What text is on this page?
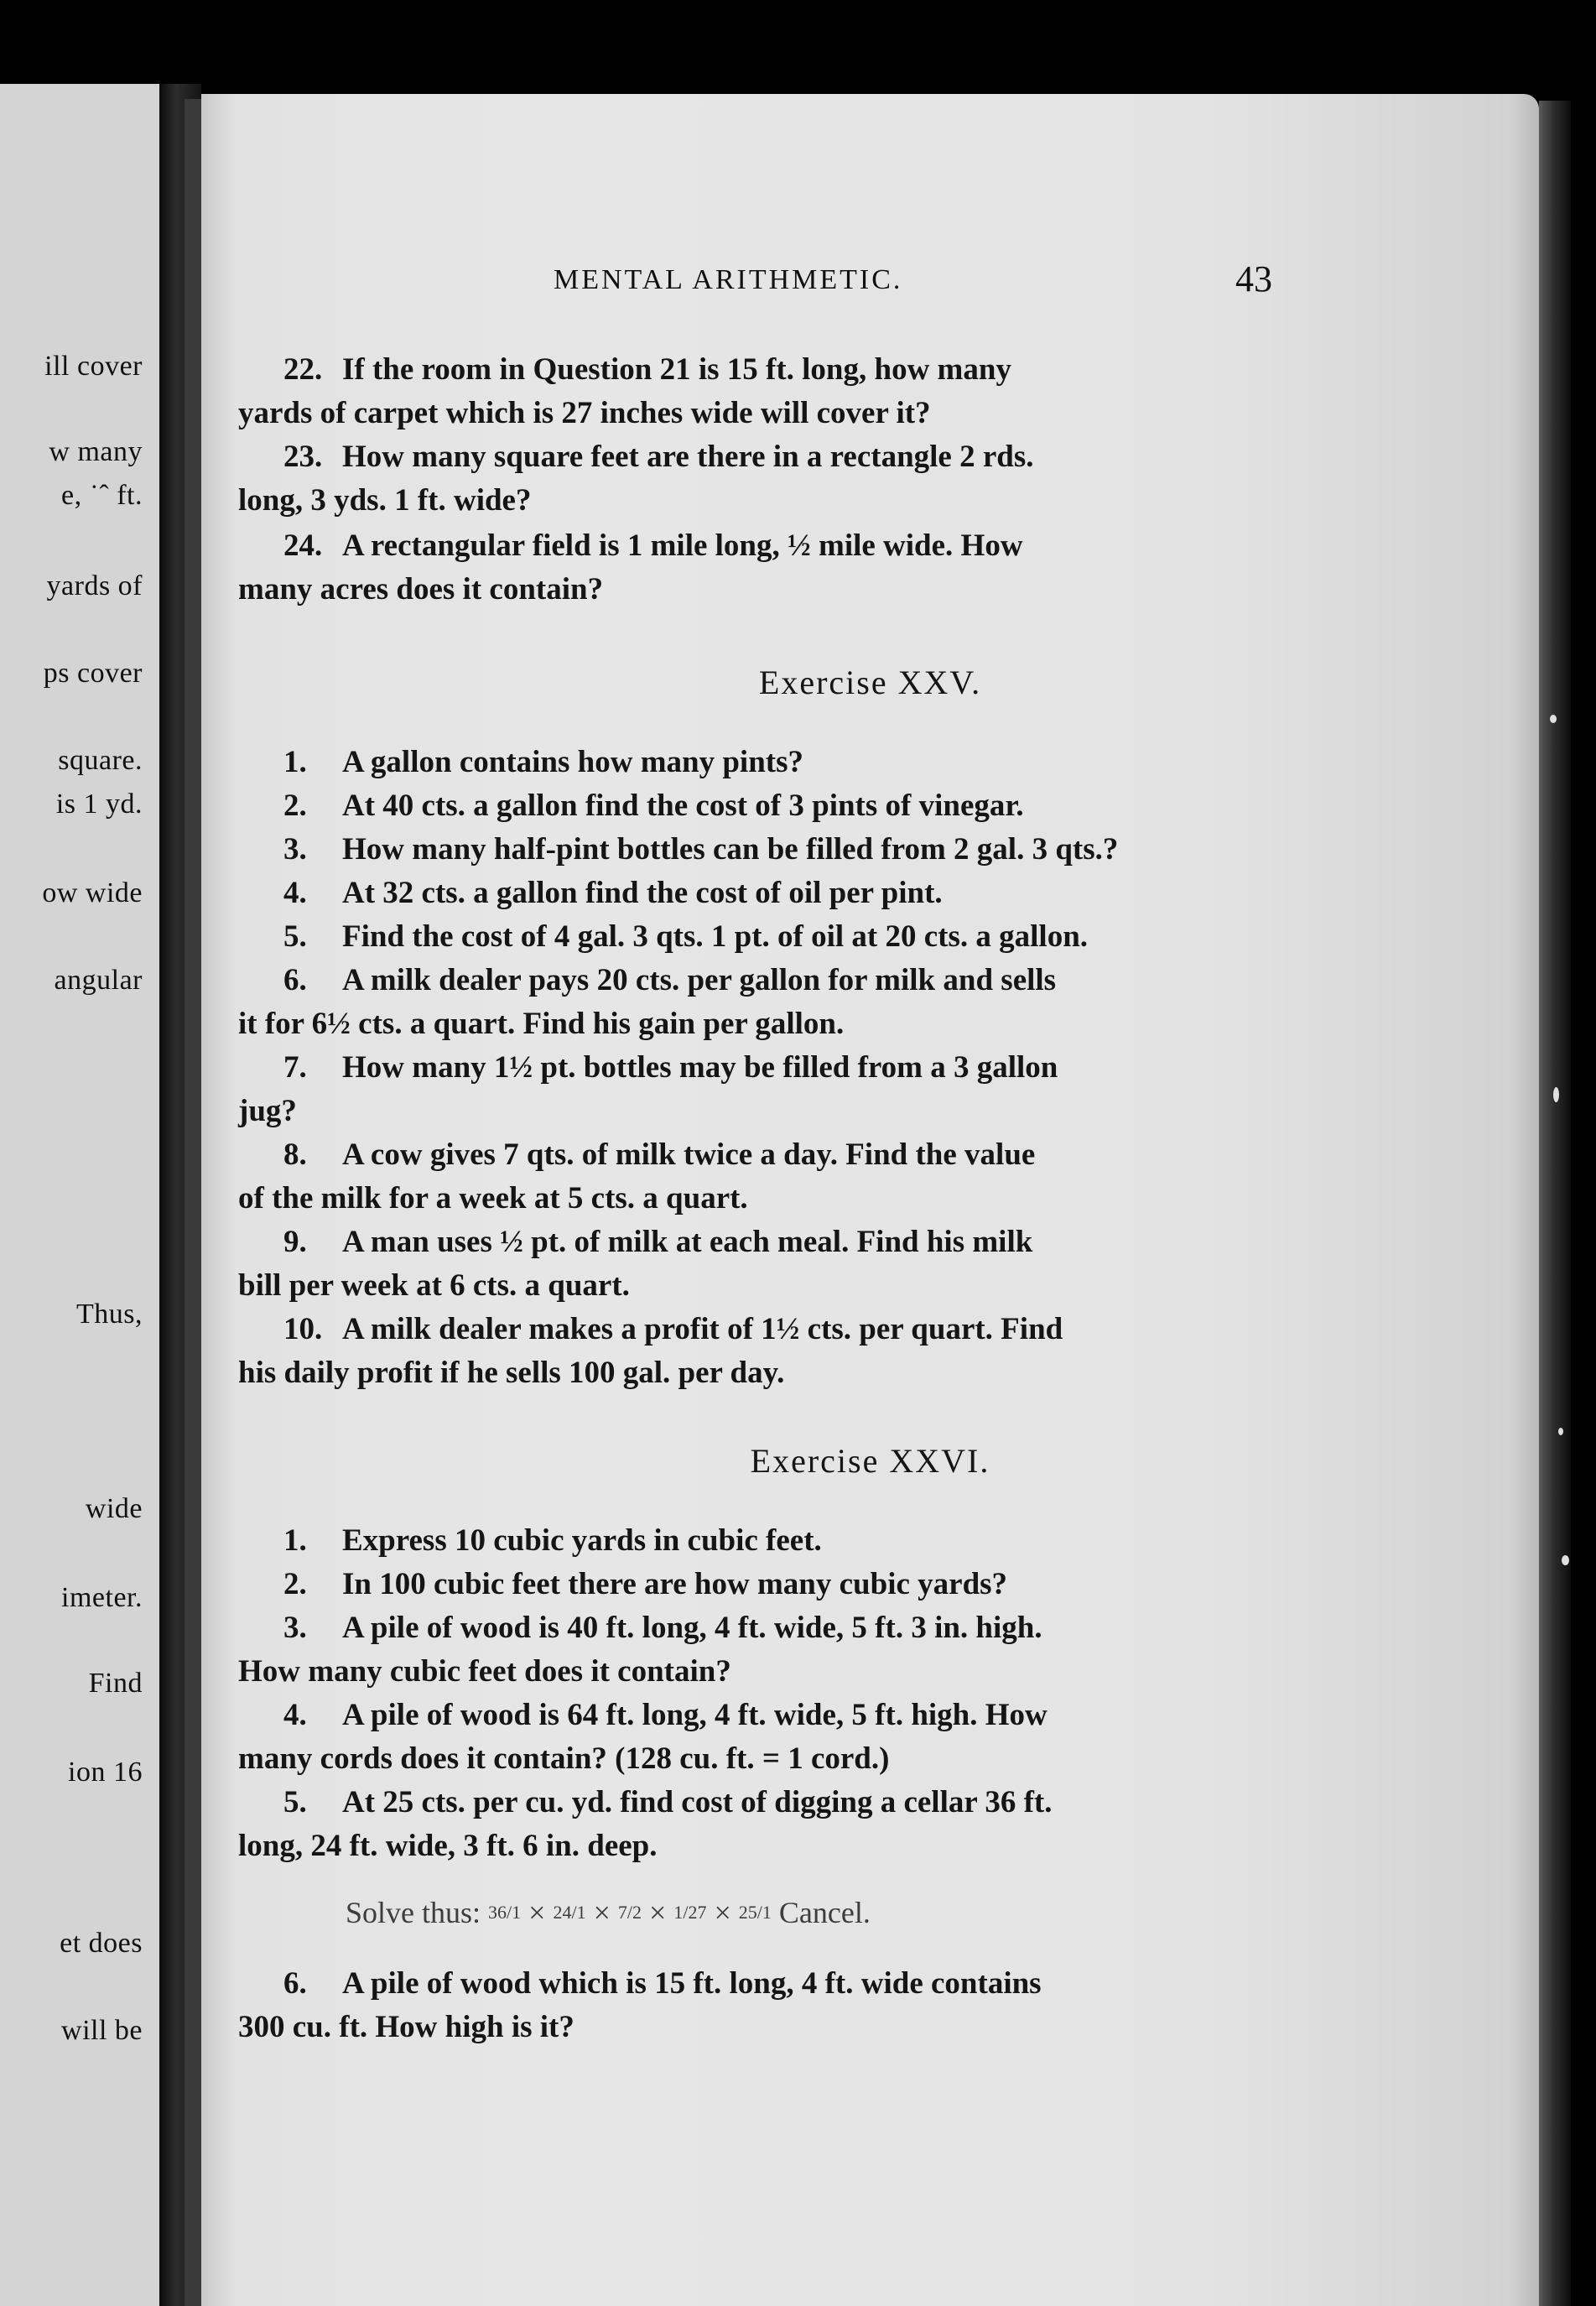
ill cover
w many
e, ˙ˆ ft.
yards of
ps cover
square.
is 1 yd.
ow wide
angular
Thus,
wide
imeter.
Find
ion 16
et does
will be
MENTAL ARITHMETIC.	43
22. If the room in Question 21 is 15 ft. long, how many
yards of carpet which is 27 inches wide will cover it?
23. How many square feet are there in a rectangle 2 rds.
long, 3 yds. 1 ft. wide?
24. A rectangular field is 1 mile long, ½ mile wide. How
many acres does it contain?
Exercise XXV.
1. A gallon contains how many pints?
2. At 40 cts. a gallon find the cost of 3 pints of vinegar.
3. How many half-pint bottles can be filled from 2 gal. 3 qts.?
4. At 32 cts. a gallon find the cost of oil per pint.
5. Find the cost of 4 gal. 3 qts. 1 pt. of oil at 20 cts. a gallon.
6. A milk dealer pays 20 cts. per gallon for milk and sells
it for 6½ cts. a quart. Find his gain per gallon.
7. How many 1½ pt. bottles may be filled from a 3 gallon
jug?
8. A cow gives 7 qts. of milk twice a day. Find the value
of the milk for a week at 5 cts. a quart.
9. A man uses ½ pt. of milk at each meal. Find his milk
bill per week at 6 cts. a quart.
10. A milk dealer makes a profit of 1½ cts. per quart. Find
his daily profit if he sells 100 gal. per day.
Exercise XXVI.
1. Express 10 cubic yards in cubic feet.
2. In 100 cubic feet there are how many cubic yards?
3. A pile of wood is 40 ft. long, 4 ft. wide, 5 ft. 3 in. high.
How many cubic feet does it contain?
4. A pile of wood is 64 ft. long, 4 ft. wide, 5 ft. high. How
many cords does it contain? (128 cu. ft. = 1 cord.)
5. At 25 cts. per cu. yd. find cost of digging a cellar 36 ft.
long, 24 ft. wide, 3 ft. 6 in. deep.
Solve thus: 36/1 × 24/1 × 7/2 × 1/27 × 25/1 Cancel.
6. A pile of wood which is 15 ft. long, 4 ft. wide contains
300 cu. ft. How high is it?
